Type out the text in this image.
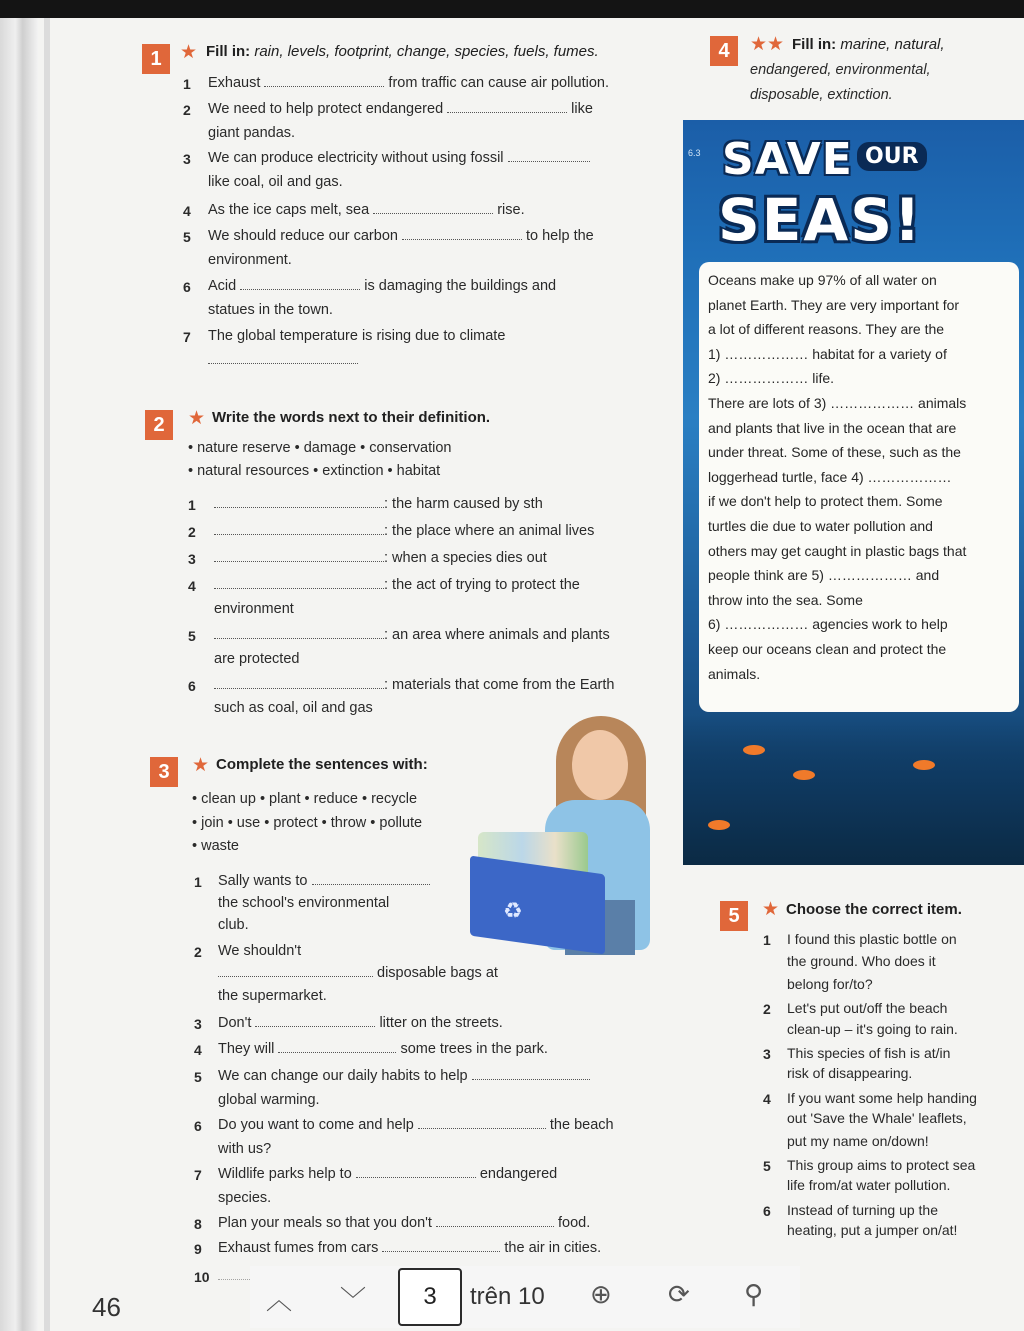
1 ★ Fill in: rain, levels, footprint, change, species, fuels, fumes.
1 Exhaust	from traffic can cause air pollution.
2 We need to help protect endangered	like
giant pandas.
3 We can produce electricity without using fossil
like coal, oil and gas.
4 As the ice caps melt, sea	rise.
5 We should reduce our carbon	to help the
environment.
6 Acid	is damaging the buildings and
statues in the town.
7 The global temperature is rising due to climate
2	★ Write the words next to their definition.
• nature reserve • damage • conservation
• natural resources • extinction • habitat
1	: the harm caused by sth
2	: the place where an animal lives
3	: when a species dies out
4	: the act of trying to protect the
environment
5	: an area where animals and plants
are protected
6	: materials that come from the Earth
such as coal, oil and gas
3	★ Complete the sentences with:
• clean up • plant • reduce • recycle
• join • use • protect • throw • pollute
• waste
♻
1 Sally wants to
the school's environmental
club.
2 We shouldn't
disposable bags at
the supermarket.
3 Don't	litter on the streets.
4 They will	some trees in the park.
5 We can change our daily habits to help
global warming.
6 Do you want to come and help	the beach
with us?
7 Wildlife parks help to	endangered
species.
8 Plan your meals so that you don't	food.
9 Exhaust fumes from cars	the air in cities.
10
4	★★ Fill in: marine, natural,
endangered, environmental,
disposable, extinction.
6.3 SAVE OUR
SEAS!
Oceans make up 97% of all water on
planet Earth. They are very important for
a lot of different reasons. They are the
1) ……………… habitat for a variety of
2) ……………… life.
There are lots of 3) ……………… animals
and plants that live in the ocean that are
under threat. Some of these, such as the
loggerhead turtle, face 4) ………………
if we don't help to protect them. Some
turtles die due to water pollution and
others may get caught in plastic bags that
people think are 5) ……………… and
throw into the sea. Some
6) ……………… agencies work to help
keep our oceans clean and protect the
animals.
5	★ Choose the correct item.
1 I found this plastic bottle on
the ground. Who does it
belong for/to?
2 Let's put out/off the beach
clean-up – it's going to rain.
3 This species of fish is at/in
risk of disappearing.
4 If you want some help handing
out 'Save the Whale' leaflets,
put my name on/down!
5 This group aims to protect sea
life from/at water pollution.
6 Instead of turning up the
heating, put a jumper on/at!
46	︿ ﹀	3	trên 10 ⊕ ⟳ ⚲
